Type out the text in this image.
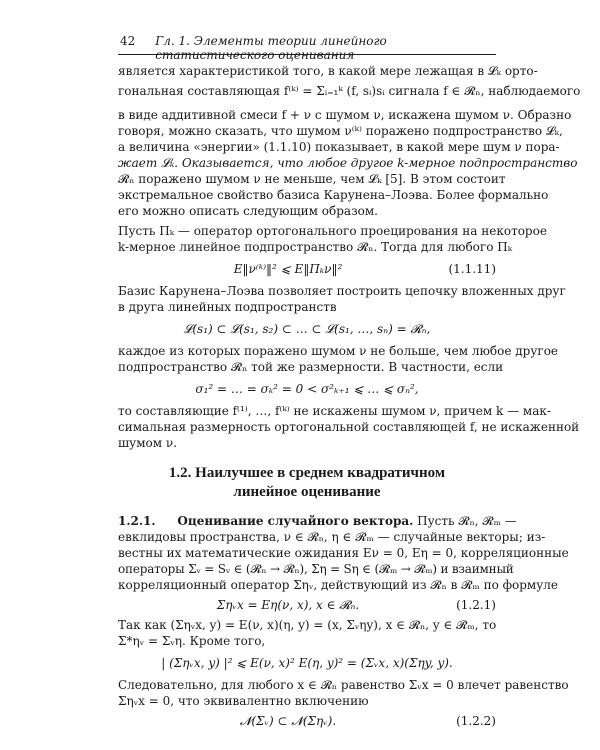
42 Гл. 1. Элементы теории линейного статистического оценивания
является характеристикой того, в какой мере лежащая в 𝓛ₖ орто-
гональная составляющая f⁽ᵏ⁾ = Σᵢ₌₁ᵏ (f, sᵢ)sᵢ сигнала f ∈ 𝓡ₙ, наблюдаемого
в виде аддитивной смеси f + ν с шумом ν, искажена шумом ν. Образно
говоря, можно сказать, что шумом ν⁽ᵏ⁾ поражено подпространство 𝓛ₖ,
а величина «энергии» (1.1.10) показывает, в какой мере шум ν пора-
жает 𝓛ₖ. Оказывается, что любое другое k-мерное подпространство
𝓡ₙ поражено шумом ν не меньше, чем 𝓛ₖ [5]. В этом состоит
экстремальное свойство базиса Карунена–Лоэва. Более формально
его можно описать следующим образом.
Пусть Πₖ — оператор ортогонального проецирования на некоторое
k-мерное линейное подпространство 𝓡ₙ. Тогда для любого Πₖ
E‖ν⁽ᵏ⁾‖² ⩽ E‖Πₖν‖²	(1.1.11)
Базис Карунена–Лоэва позволяет построить цепочку вложенных друг
в друга линейных подпространств
𝓛(s₁) ⊂ 𝓛(s₁, s₂) ⊂ … ⊂ 𝓛(s₁, …, sₙ) = 𝓡ₙ,
каждое из которых поражено шумом ν не больше, чем любое другое
подпространство 𝓡ₙ той же размерности. В частности, если
σ₁² = … = σₖ² = 0 < σ²ₖ₊₁ ⩽ … ⩽ σₙ²,
то составляющие f⁽¹⁾, …, f⁽ᵏ⁾ не искажены шумом ν, причем k — мак-
симальная размерность ортогональной составляющей f, не искаженной
шумом ν.
1.2. Наилучшее в среднем квадратичном
линейное оценивание
1.2.1. Оценивание случайного вектора. Пусть 𝓡ₙ, 𝓡ₘ —
евклидовы пространства, ν ∈ 𝓡ₙ, η ∈ 𝓡ₘ — случайные векторы; из-
вестны их математические ожидания Eν = 0, Eη = 0, корреляционные
операторы Σᵥ = Sᵥ ∈ (𝓡ₙ → 𝓡ₙ), Ση = Sη ∈ (𝓡ₘ → 𝓡ₘ) и взаимный
корреляционный оператор Σηᵥ, действующий из 𝓡ₙ в 𝓡ₘ по формуле
Σηᵥx = Eη(ν, x), x ∈ 𝓡ₙ.	(1.2.1)
Так как (Σηᵥx, y) = E(ν, x)(η, y) = (x, Σᵥηy), x ∈ 𝓡ₙ, y ∈ 𝓡ₘ, то
Σ*ηᵥ = Σᵥη. Кроме того,
| (Σηᵥx, y) |² ⩽ E(ν, x)² E(η, y)² = (Σᵥx, x)(Σηy, y).
Следовательно, для любого x ∈ 𝓡ₙ равенство Σᵥx = 0 влечет равенство
Σηᵥx = 0, что эквивалентно включению
𝓝(Σᵥ) ⊂ 𝓝(Σηᵥ).	(1.2.2)
